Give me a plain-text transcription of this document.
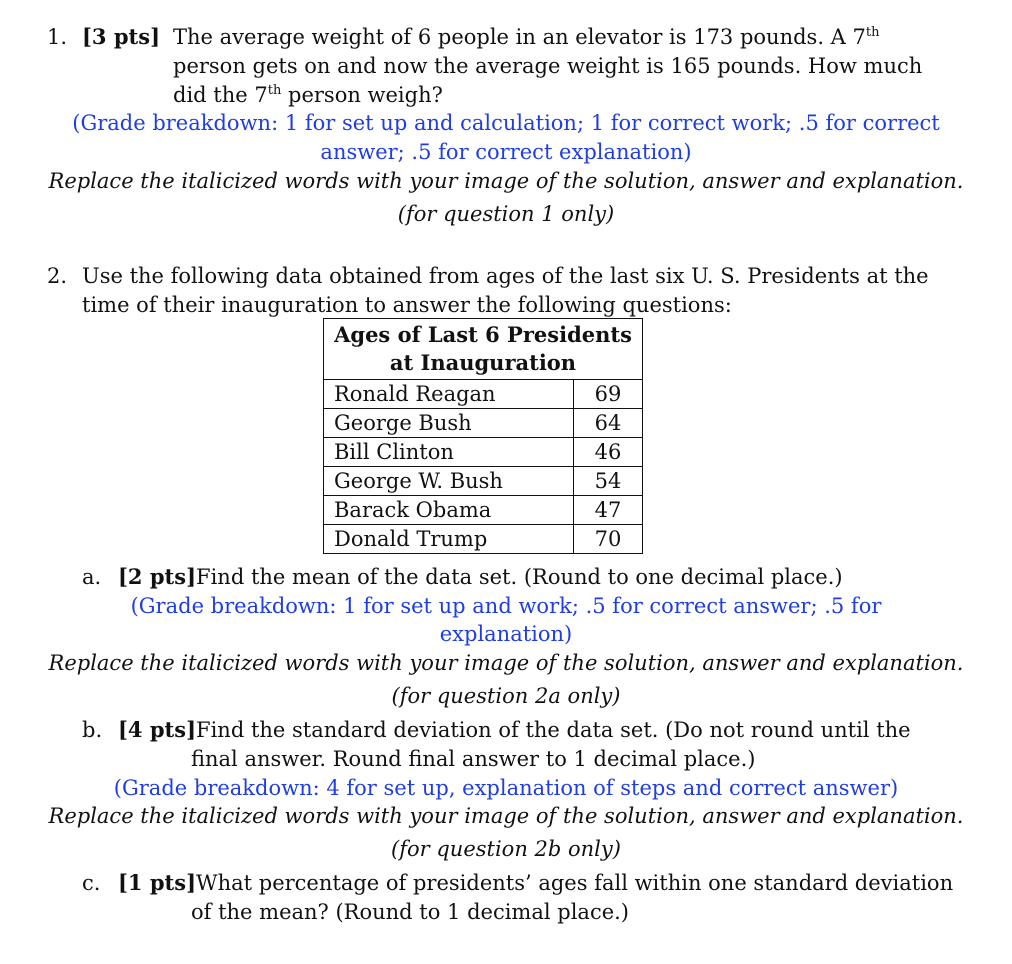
1. [3 pts] The average weight of 6 people in an elevator is 173 pounds. A 7th
person gets on and now the average weight is 165 pounds. How much
did the 7th person weigh?
(Grade breakdown: 1 for set up and calculation; 1 for correct work; .5 for correct
answer; .5 for correct explanation)
Replace the italicized words with your image of the solution, answer and explanation.
(for question 1 only)
2. Use the following data obtained from ages of the last six U. S. Presidents at the
time of their inauguration to answer the following questions:
Ages of Last 6 Presidents
at Inauguration	

Ronald Reagan	69
George Bush	64
Bill Clinton	46
George W. Bush	54
Barack Obama	47
Donald Trump	70
a. [2 pts]Find the mean of the data set. (Round to one decimal place.)
(Grade breakdown: 1 for set up and work; .5 for correct answer; .5 for
explanation)
Replace the italicized words with your image of the solution, answer and explanation.
(for question 2a only)
b. [4 pts]Find the standard deviation of the data set. (Do not round until the
final answer. Round final answer to 1 decimal place.)
(Grade breakdown: 4 for set up, explanation of steps and correct answer)
Replace the italicized words with your image of the solution, answer and explanation.
(for question 2b only)
c. [1 pts]What percentage of presidents’ ages fall within one standard deviation
of the mean? (Round to 1 decimal place.)
